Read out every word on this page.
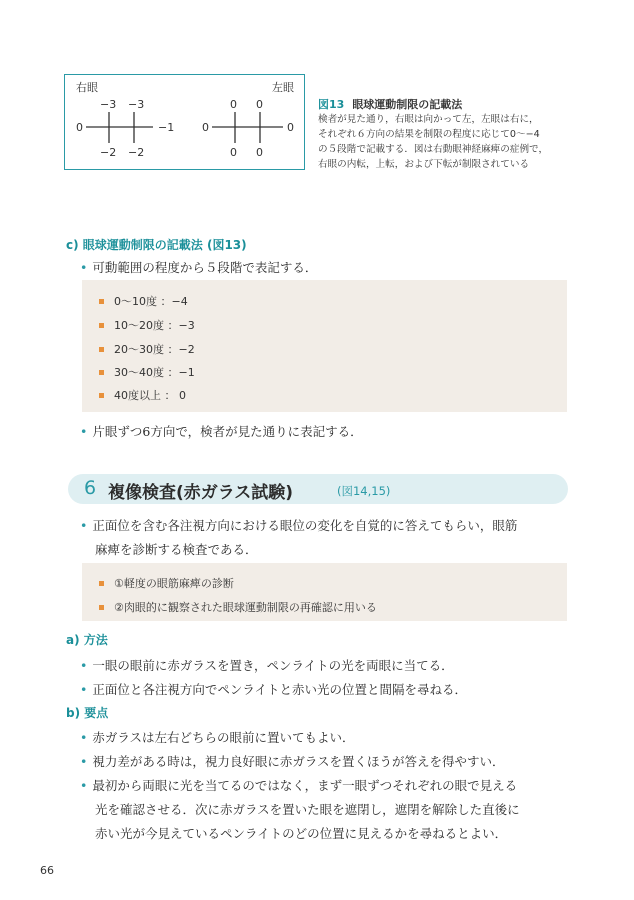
右眼	左眼
−3 −3
0	−1
−2 −2
0 0
0	0
0 0
図13 眼球運動制限の記載法
検者が見た通り，右眼は向かって左，左眼は右に，
それぞれ６方向の結果を制限の程度に応じて0〜−4
の５段階で記載する．図は右動眼神経麻痺の症例で，
右眼の内転，上転，および下転が制限されている
c) 眼球運動制限の記載法 (図13)
• 可動範囲の程度から５段階で表記する．
0〜10度 ：−4
10〜20度 ：−3
20〜30度 ：−2
30〜40度 ：−1
40度以上 ： 0
• 片眼ずつ6方向で，検者が見た通りに表記する．
6 複像検査(赤ガラス試験)	(図14,15)
• 正面位を含む各注視方向における眼位の変化を自覚的に答えてもらい，眼筋
麻痺を診断する検査である．
①軽度の眼筋麻痺の診断
②肉眼的に観察された眼球運動制限の再確認に用いる
a) 方法
• 一眼の眼前に赤ガラスを置き，ペンライトの光を両眼に当てる．
• 正面位と各注視方向でペンライトと赤い光の位置と間隔を尋ねる．
b) 要点
• 赤ガラスは左右どちらの眼前に置いてもよい．
• 視力差がある時は，視力良好眼に赤ガラスを置くほうが答えを得やすい．
• 最初から両眼に光を当てるのではなく，まず一眼ずつそれぞれの眼で見える
光を確認させる．次に赤ガラスを置いた眼を遮閉し，遮閉を解除した直後に
赤い光が今見えているペンライトのどの位置に見えるかを尋ねるとよい．
66
